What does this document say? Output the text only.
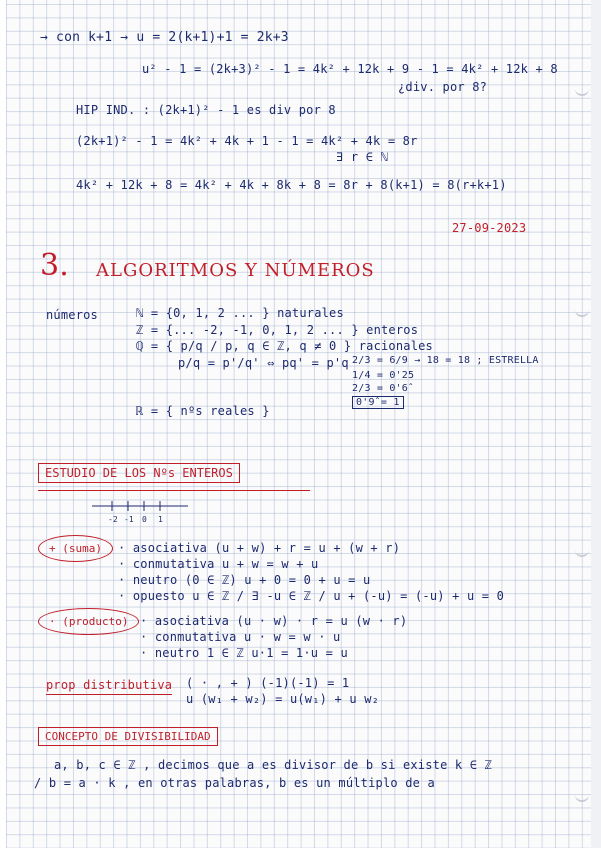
→ con k+1 → u = 2(k+1)+1 = 2k+3
u² - 1 = (2k+3)² - 1 = 4k² + 12k + 9 - 1 = 4k² + 12k + 8
¿div. por 8?
HIP IND. : (2k+1)² - 1 es div por 8
(2k+1)² - 1 = 4k² + 4k + 1 - 1 = 4k² + 4k = 8r
∃ r ∈ ℕ
4k² + 12k + 8 = 4k² + 4k + 8k + 8 = 8r + 8(k+1) = 8(r+k+1)
27-09-2023
3. ALGORITMOS Y NÚMEROS
números	ℕ = {0, 1, 2 ... } naturales
ℤ = {... -2, -1, 0, 1, 2 ... } enteros
ℚ = { p/q / p, q ∈ ℤ, q ≠ 0 } racionales
p/q = p'/q' ⇔ pq' = p'q 2/3 = 6/9 → 18 = 18 ; ESTRELLA
1/4 = 0'25
2/3 = 0'6̂
0'9̂ = 1
ℝ = { nºs reales }
ESTUDIO DE LOS Nºs ENTEROS
-2 -1 0 1
+ (suma)	· asociativa (u + w) + r = u + (w + r)
· conmutativa u + w = w + u
· neutro (0 ∈ ℤ) u + 0 = 0 + u = u
· opuesto u ∈ ℤ / ∃ -u ∈ ℤ / u + (-u) = (-u) + u = 0
· (producto) · asociativa (u · w) · r = u (w · r)
· conmutativa u · w = w · u
· neutro 1 ∈ ℤ u·1 = 1·u = u
prop distributiva ( · , + ) (-1)(-1) = 1
u (w₁ + w₂) = u(w₁) + u w₂
CONCEPTO DE DIVISIBILIDAD
a, b, c ∈ ℤ , decimos que a es divisor de b si existe k ∈ ℤ
/ b = a · k , en otras palabras, b es un múltiplo de a
